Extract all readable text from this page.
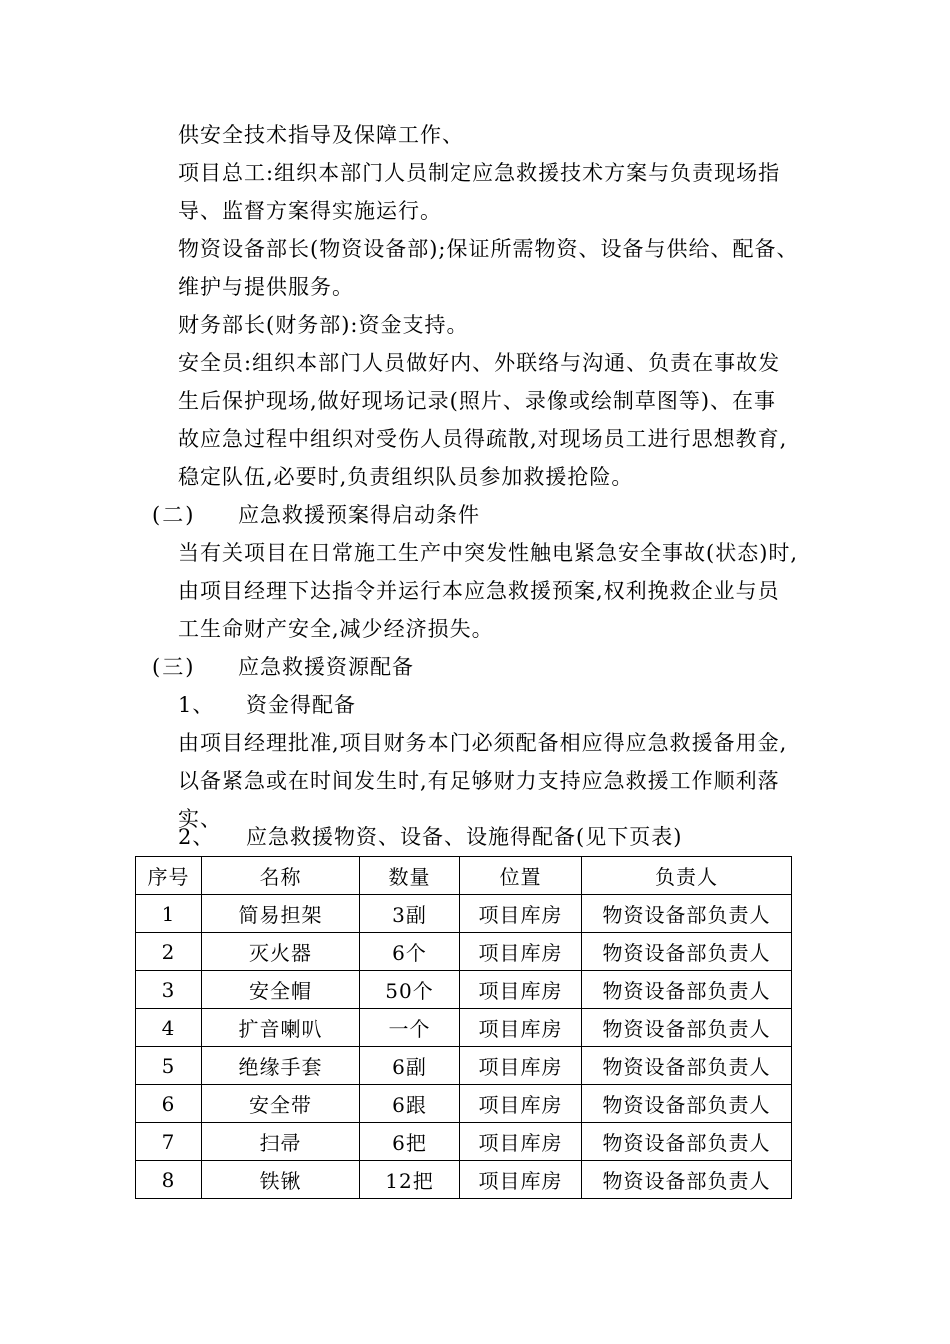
供安全技术指导及保障工作、
项目总工:组织本部门人员制定应急救援技术方案与负责现场指
导、监督方案得实施运行。
物资设备部长(物资设备部);保证所需物资、设备与供给、配备、
维护与提供服务。
财务部长(财务部):资金支持。
安全员:组织本部门人员做好内、外联络与沟通、负责在事故发
生后保护现场,做好现场记录(照片、录像或绘制草图等)、在事
故应急过程中组织对受伤人员得疏散,对现场员工进行思想教育,
稳定队伍,必要时,负责组织队员参加救援抢险。
(二) 应急救援预案得启动条件
当有关项目在日常施工生产中突发性触电紧急安全事故(状态)时,
由项目经理下达指令并运行本应急救援预案,权利挽救企业与员
工生命财产安全,减少经济损失。
(三) 应急救援资源配备
1、 资金得配备
由项目经理批准,项目财务本门必须配备相应得应急救援备用金,
以备紧急或在时间发生时,有足够财力支持应急救援工作顺利落
实、
2、 应急救援物资、设备、设施得配备(见下页表)
序号	名称	数量	位置	负责人
1	简易担架	3副	项目库房	物资设备部负责人
2	灭火器	6个	项目库房	物资设备部负责人
3	安全帽	50个	项目库房	物资设备部负责人
4	扩音喇叭	一个	项目库房	物资设备部负责人
5	绝缘手套	6副	项目库房	物资设备部负责人
6	安全带	6跟	项目库房	物资设备部负责人
7	扫帚	6把	项目库房	物资设备部负责人
8	铁锹	12把	项目库房	物资设备部负责人
